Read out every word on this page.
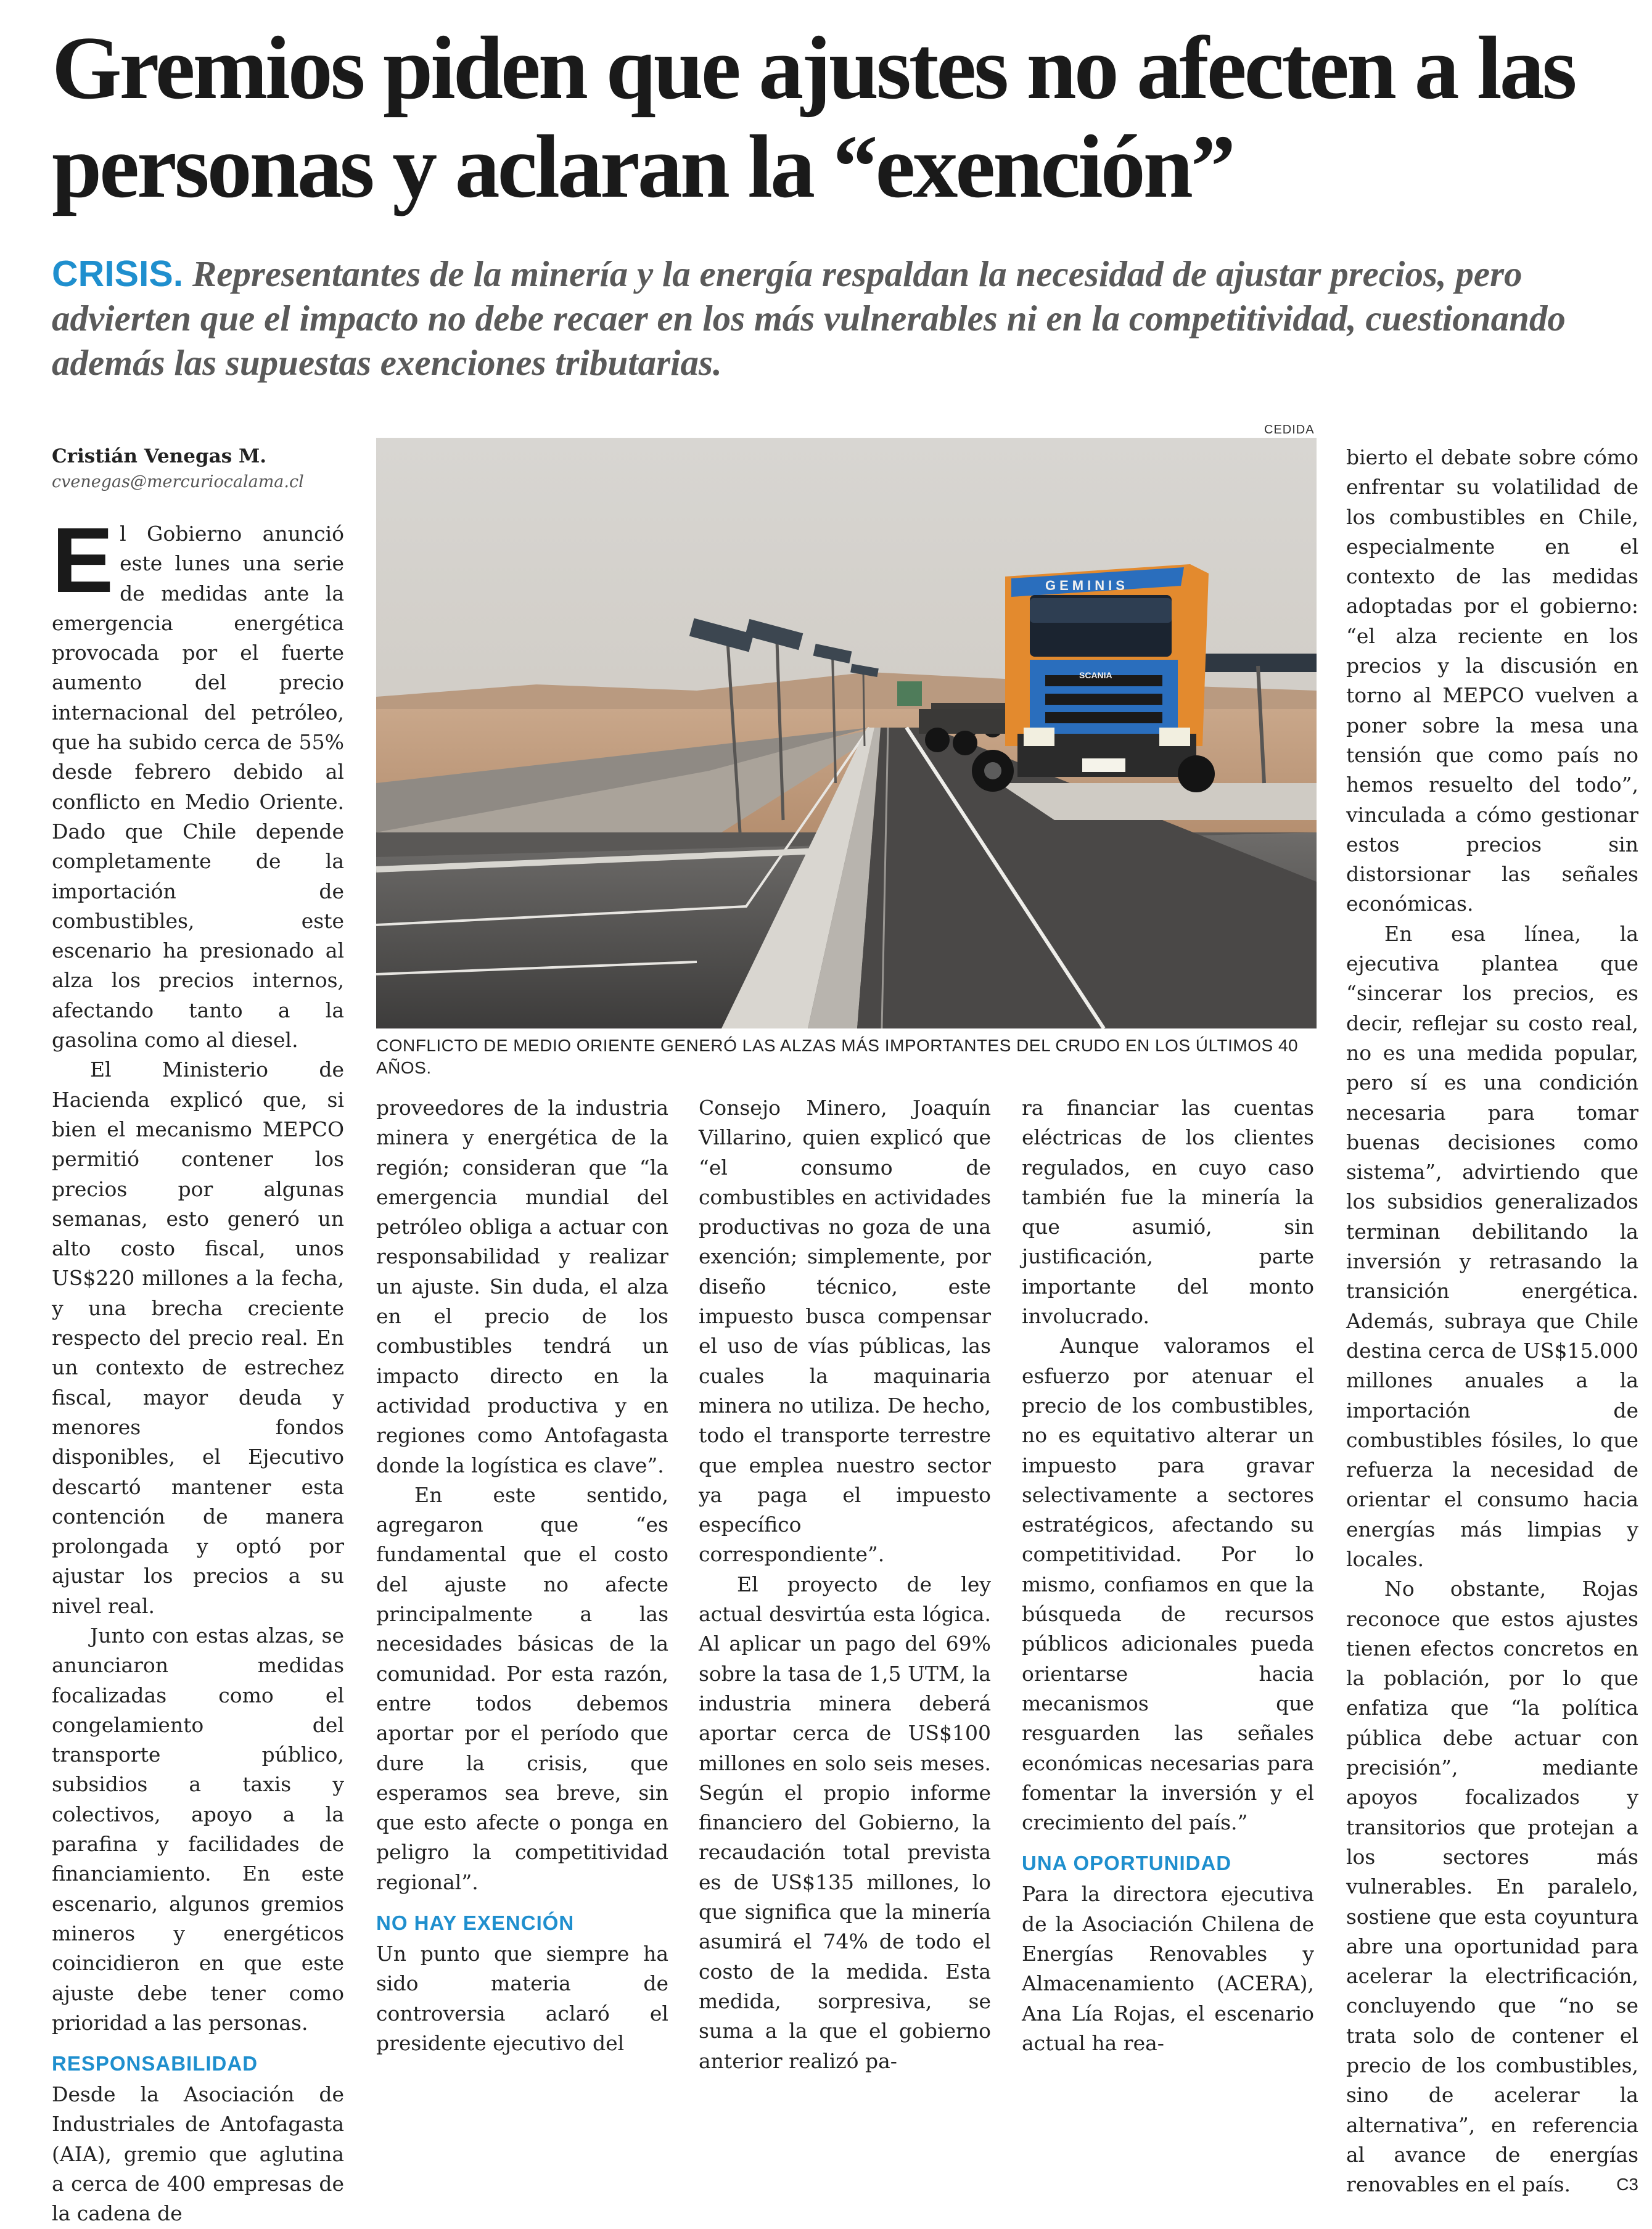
Gremios piden que ajustes no afecten a las personas y aclaran la “exención”

CRISIS. Representantes de la minería y la energía respaldan la necesidad de ajustar precios, pero advierten que el impacto no debe recaer en los más vulnerables ni en la competitividad, cuestionando además las supuestas exenciones tributarias.

CEDIDA
GEMINIS
SCANIA
CONFLICTO DE MEDIO ORIENTE GENERÓ LAS ALZAS MÁS IMPORTANTES DEL CRUDO EN LOS ÚLTIMOS 40 AÑOS.
Cristián Venegas M.
cvenegas@mercuriocalama.cl

El Gobierno anunció este lunes una serie de medidas ante la emergencia energética provocada por el fuerte aumento del precio internacional del petróleo, que ha subido cerca de 55% desde febrero debido al conflicto en Medio Oriente. Dado que Chile depende completamente de la importación de combustibles, este escenario ha presionado al alza los precios internos, afectando tanto a la gasolina como al diesel.

El Ministerio de Hacienda explicó que, si bien el mecanismo MEPCO permitió contener los precios por algunas semanas, esto generó un alto costo fiscal, unos US$220 millones a la fecha, y una brecha creciente respecto del precio real. En un contexto de estrechez fiscal, mayor deuda y menores fondos disponibles, el Ejecutivo descartó mantener esta contención de manera prolongada y optó por ajustar los precios a su nivel real.

Junto con estas alzas, se anunciaron medidas focalizadas como el congelamiento del transporte público, subsidios a taxis y colectivos, apoyo a la parafina y facilidades de financiamiento. En este escenario, algunos gremios mineros y energéticos coincidieron en que este ajuste debe tener como prioridad a las personas.

RESPONSABILIDAD

Desde la Asociación de Industriales de Antofagasta (AIA), gremio que aglutina a cerca de 400 empresas de la cadena de

proveedores de la industria minera y energética de la región; consideran que “la emergencia mundial del petróleo obliga a actuar con responsabilidad y realizar un ajuste. Sin duda, el alza en el precio de los combustibles tendrá un impacto directo en la actividad productiva y en regiones como Antofagasta donde la logística es clave”.

En este sentido, agregaron que “es fundamental que el costo del ajuste no afecte principalmente a las necesidades básicas de la comunidad. Por esta razón, entre todos debemos aportar por el período que dure la crisis, que esperamos sea breve, sin que esto afecte o ponga en peligro la competitividad regional”.

NO HAY EXENCIÓN

Un punto que siempre ha sido materia de controversia aclaró el presidente ejecutivo del

Consejo Minero, Joaquín Villarino, quien explicó que “el consumo de combustibles en actividades productivas no goza de una exención; simplemente, por diseño técnico, este impuesto busca compensar el uso de vías públicas, las cuales la maquinaria minera no utiliza. De hecho, todo el transporte terrestre que emplea nuestro sector ya paga el impuesto específico correspondiente”.

El proyecto de ley actual desvirtúa esta lógica. Al aplicar un pago del 69% sobre la tasa de 1,5 UTM, la industria minera deberá aportar cerca de US$100 millones en solo seis meses. Según el propio informe financiero del Gobierno, la recaudación total prevista es de US$135 millones, lo que significa que la minería asumirá el 74% de todo el costo de la medida. Esta medida, sorpresiva, se suma a la que el gobierno anterior realizó pa-

ra financiar las cuentas eléctricas de los clientes regulados, en cuyo caso también fue la minería la que asumió, sin justificación, parte importante del monto involucrado.

Aunque valoramos el esfuerzo por atenuar el precio de los combustibles, no es equitativo alterar un impuesto para gravar selectivamente a sectores estratégicos, afectando su competitividad. Por lo mismo, confiamos en que la búsqueda de recursos públicos adicionales pueda orientarse hacia mecanismos que resguarden las señales económicas necesarias para fomentar la inversión y el crecimiento del país.”

UNA OPORTUNIDAD

Para la directora ejecutiva de la Asociación Chilena de Energías Renovables y Almacenamiento (ACERA), Ana Lía Rojas, el escenario actual ha rea-

bierto el debate sobre cómo enfrentar su volatilidad de los combustibles en Chile, especialmente en el contexto de las medidas adoptadas por el gobierno: “el alza reciente en los precios y la discusión en torno al MEPCO vuelven a poner sobre la mesa una tensión que como país no hemos resuelto del todo”, vinculada a cómo gestionar estos precios sin distorsionar las señales económicas.

En esa línea, la ejecutiva plantea que “sincerar los precios, es decir, reflejar su costo real, no es una medida popular, pero sí es una condición necesaria para tomar buenas decisiones como sistema”, advirtiendo que los subsidios generalizados terminan debilitando la inversión y retrasando la transición energética. Además, subraya que Chile destina cerca de US$15.000 millones anuales a la importación de combustibles fósiles, lo que refuerza la necesidad de orientar el consumo hacia energías más limpias y locales.

No obstante, Rojas reconoce que estos ajustes tienen efectos concretos en la población, por lo que enfatiza que “la política pública debe actuar con precisión”, mediante apoyos focalizados y transitorios que protejan a los sectores más vulnerables. En paralelo, sostiene que esta coyuntura abre una oportunidad para acelerar la electrificación, concluyendo que “no se trata solo de contener el precio de los combustibles, sino de acelerar la alternativa”, en referencia al avance de energías renovables en el país.	C3
